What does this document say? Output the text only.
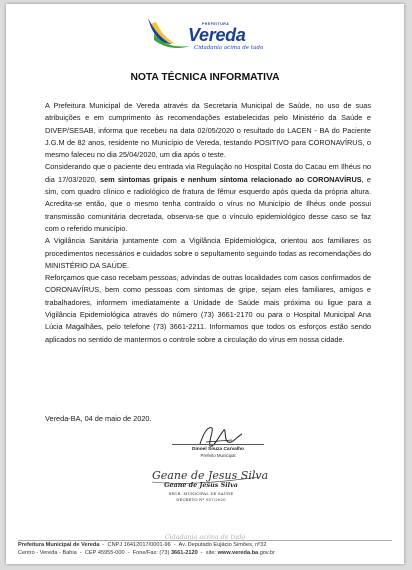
PREFEITURA
Vereda
Cidadania acima de tudo
NOTA TÉCNICA INFORMATIVA

A Prefeitura Municipal de Vereda através da Secretaria Municipal de Saúde, no uso de suas atribuições e em cumprimento às recomendações estabelecidas pelo Ministério da Saúde e DIVEP/SESAB, informa que recebeu na data 02/05/2020 o resultado do LACEN - BA do Paciente J.G.M de 82 anos, residente no Município de Vereda, testando POSITIVO para CORONAVÍRUS, o mesmo faleceu no dia 25/04/2020, um dia após o teste.

Considerando que o paciente deu entrada via Regulação no Hospital Costa do Cacau em Ilhéus no dia 17/03/2020, sem sintomas gripais e nenhum sintoma relacionado ao CORONAVÍRUS, e sim, com quadro clínico e radiológico de fratura de fêmur esquerdo após queda da própria altura. Acredita-se então, que o mesmo tenha contraído o vírus no Município de Ilhéus onde possui transmissão comunitária decretada, observa-se que o vínculo epidemiológico desse caso se faz com o referido município.

A Vigilância Sanitária juntamente com a Vigilância Epidemiológica, orientou aos familiares os procedimentos necessários e cuidados sobre o sepultamento seguindo todas as recomendações do MINISTÉRIO DA SAÚDE.

Reforçamos que caso recebam pessoas, advindas de outras localidades com casos confirmados de CORONAVÍRUS, bem como pessoas com sintomas de gripe, sejam eles familiares, amigos e trabalhadores, informem imediatamente a Unidade de Saúde mais próxima ou ligue para a Vigilância Epidemiológica através do número (73) 3661-2170 ou para o Hospital Municipal Ana Lúcia Magalhães, pelo telefone (73) 3661-2211. Informamos que todos os esforços estão sendo aplicados no sentido de mantermos o controle sobre a circulação do vírus em nossa cidade.

Vereda-BA, 04 de maio de 2020.
Dinoel Souza Carvalho
Prefeito Municipal
Geane de Jesus Silva
Geane de Jesus Silva
SECR. MUNICIPAL DE SAÚDE
DECRETO Nº 057/2020
Cidadania acima de tudo
Prefeitura Municipal de Vereda  -  CNPJ 16412017/0001-96  -  Av. Deputado Eujácio Simões, nº32
Centro - Vereda - Bahia  -  CEP 45955-000  -  Fone/Fax: (73) 3661-2120  -  site: www.vereda.ba.gov.br
